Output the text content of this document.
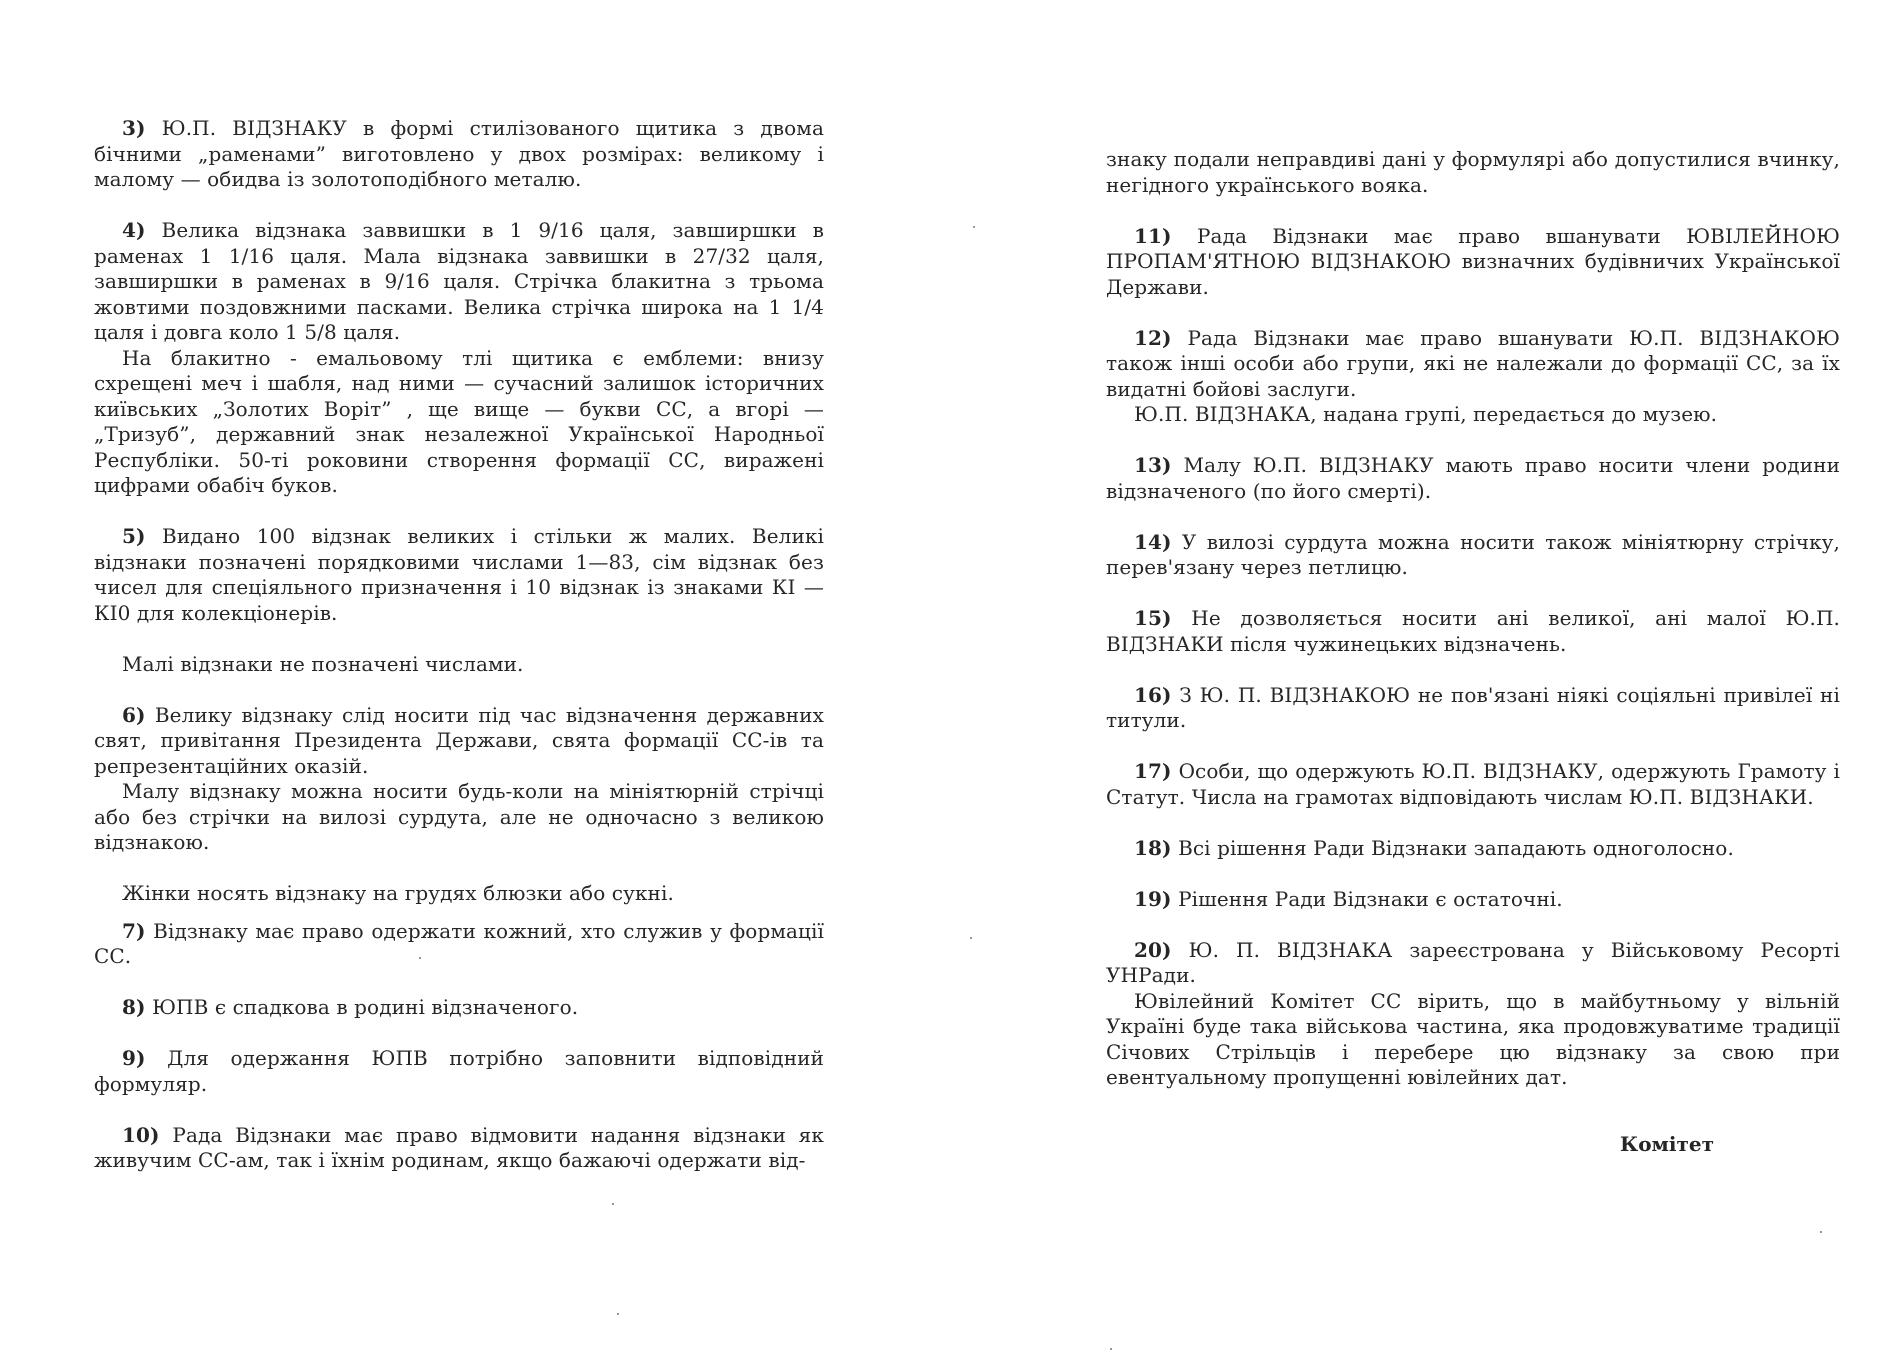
3) Ю.П. ВІДЗНАКУ в формі стилізованого щитика з двома бічними „раменами” виготовлено у двох розмірах: великому і малому — обидва із золотоподібного металю.

4) Велика відзнака заввишки в 1 9/16 цаля, завширшки в раменах 1 1/16 цаля. Мала відзнака заввишки в 27/32 цаля, завширшки в раменах в 9/16 цаля. Стрічка блакитна з трьома жовтими поздовжними пасками. Велика стрічка широка на 1 1/4 цаля і довга коло 1 5/8 цаля.

На блакитно - емальовому тлі щитика є емблеми: внизу схрещені меч і шабля, над ними — сучасний залишок історичних київських „Золотих Воріт” , ще вище — букви СС, а вгорі — „Тризуб”, державний знак незалежної Української Народньої Республіки. 50-ті роковини створення формації СС, виражені цифрами обабіч буков.

5) Видано 100 відзнак великих і стільки ж малих. Великі відзнаки позначені порядковими числами 1—83, сім відзнак без чисел для спеціяльного призначення і 10 відзнак із знаками КІ — КІ0 для колекціонерів.

Малі відзнаки не позначені числами.

6) Велику відзнаку слід носити під час відзначення державних свят, привітання Президента Держави, свята формації СС-ів та репрезентаційних оказій.

Малу відзнаку можна носити будь-коли на мініятюрній стрічці або без стрічки на вилозі сурдута, але не одночасно з великою відзнакою.

Жінки носять відзнаку на грудях блюзки або сукні.

7) Відзнаку має право одержати кожний, хто служив у формації СС.

8) ЮПВ є спадкова в родині відзначеного.

9) Для одержання ЮПВ потрібно заповнити відповідний формуляр.

10) Рада Відзнаки має право відмовити надання відзнаки як живучим СС-ам, так і їхнім родинам, якщо бажаючі одержати від-

знаку подали неправдиві дані у формулярі або допустилися вчинку, негідного українського вояка.

11) Рада Відзнаки має право вшанувати ЮВІЛЕЙНОЮ ПРОПАМ'ЯТНОЮ ВІДЗНАКОЮ визначних будівничих Української Держави.

12) Рада Відзнаки має право вшанувати Ю.П. ВІДЗНАКОЮ також інші особи або групи, які не належали до формації СС, за їх видатні бойові заслуги.

Ю.П. ВІДЗНАКА, надана групі, передається до музею.

13) Малу Ю.П. ВІДЗНАКУ мають право носити члени родини відзначеного (по його смерті).

14) У вилозі сурдута можна носити також мініятюрну стрічку, перев'язану через петлицю.

15) Не дозволяється носити ані великої, ані малої Ю.П. ВІДЗНАКИ після чужинецьких відзначень.

16) З Ю. П. ВІДЗНАКОЮ не пов'язані ніякі соціяльні привілеї ні титули.

17) Особи, що одержують Ю.П. ВІДЗНАКУ, одержують Грамоту і Статут. Числа на грамотах відповідають числам Ю.П. ВІДЗНАКИ.

18) Всі рішення Ради Відзнаки западають одноголосно.

19) Рішення Ради Відзнаки є остаточні.

20) Ю. П. ВІДЗНАКА зареєстрована у Військовому Ресорті УНРади.

Ювілейний Комітет СС вірить, що в майбутньому у вільній Україні буде така військова частина, яка продовжуватиме традиції Січових Стрільців і перебере цю відзнаку за свою при евентуальному пропущенні ювілейних дат.

Комітет
